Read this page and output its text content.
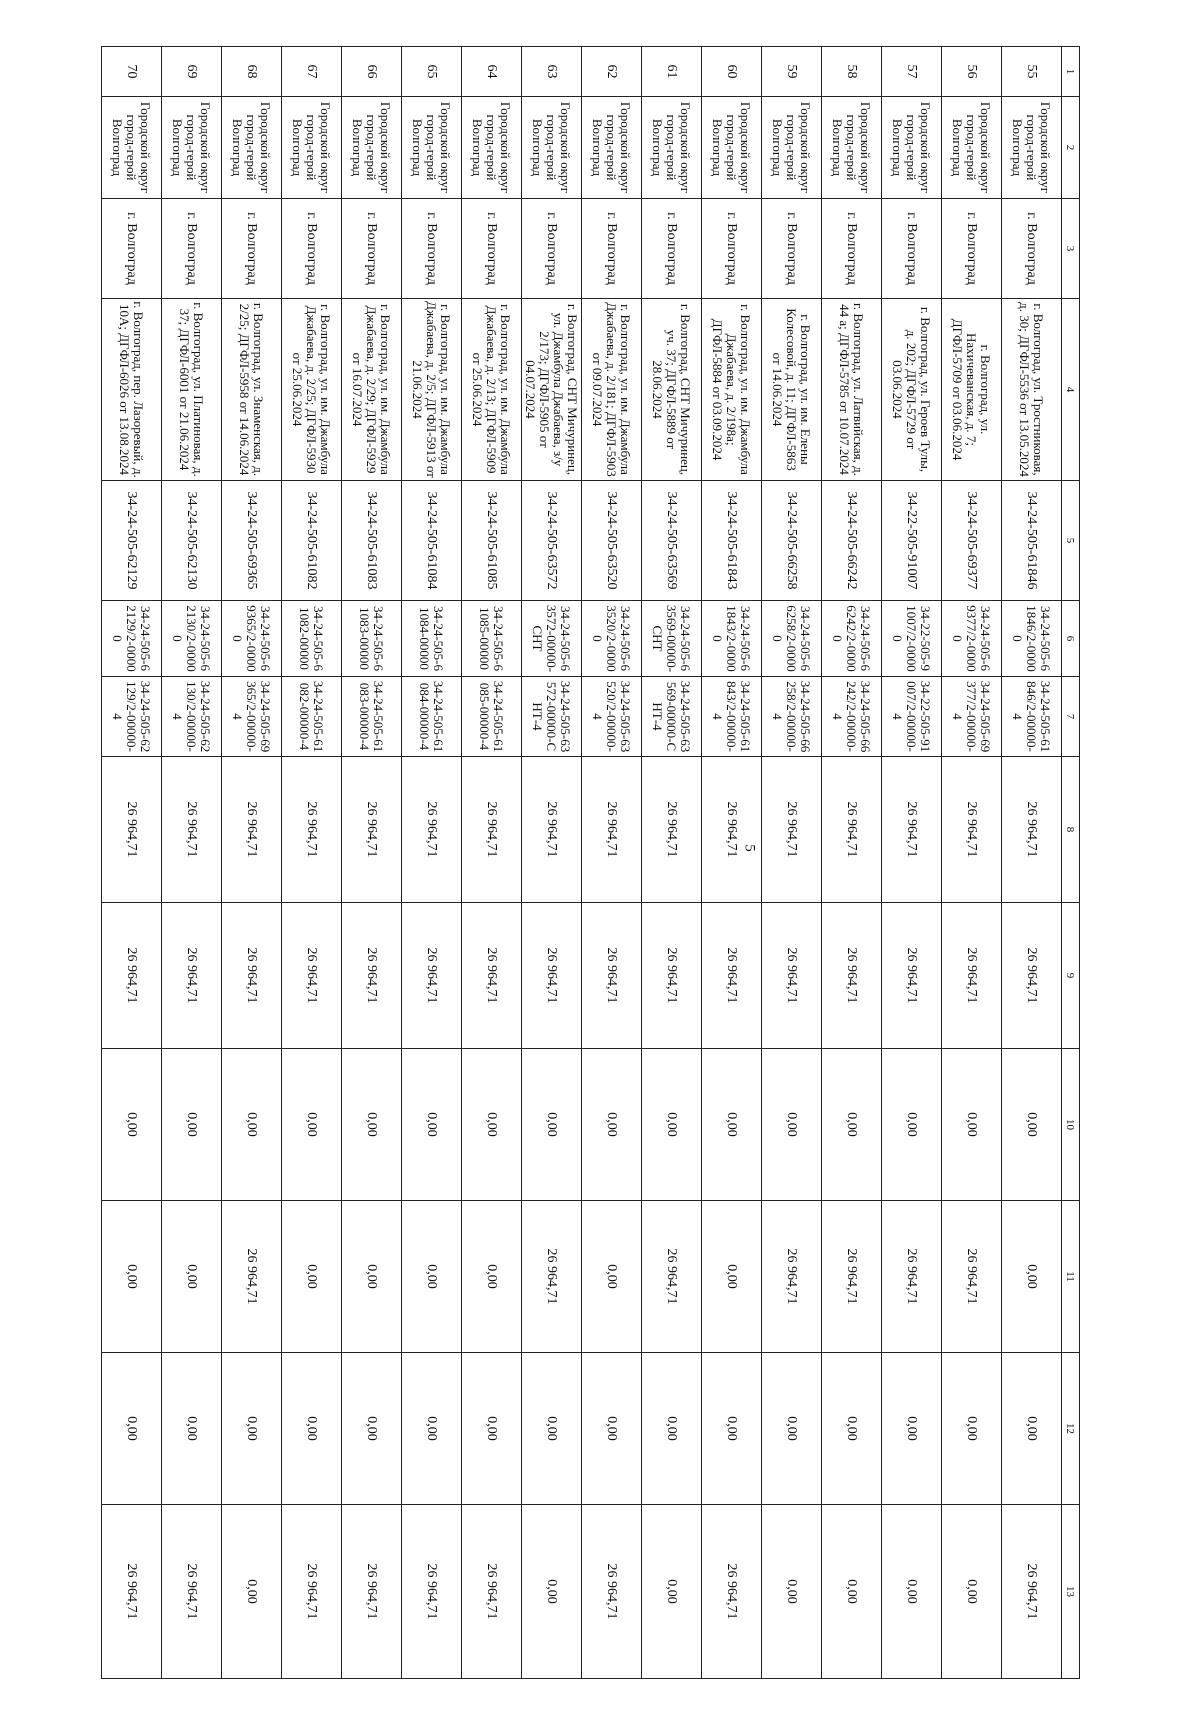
5
1	2	3	4	5	6	7	8	9	10	11	12	13
55	Городской округ город-герой Волгоград	г. Волгоград	г. Волгоград, ул. Тростниковая, д. 30; ДГФЛ-5536 от 13.05.2024	34-24-505-61846	34-24-505-61846/2-00000	34-24-505-61846/2-00000-4	26 964,71	26 964,71	0,00	0,00	0,00	26 964,71
56	Городской округ город-герой Волгоград	г. Волгоград	г. Волгоград, ул. Нахичеванская, д. 7; ДГФЛ-5709 от 03.06.2024	34-24-505-69377	34-24-505-69377/2-00000	34-24-505-69377/2-00000-4	26 964,71	26 964,71	0,00	26 964,71	0,00	0,00
57	Городской округ город-герой Волгоград	г. Волгоград	г. Волгоград, ул. Героев Тулы, д. 202; ДГФЛ-5729 от 03.06.2024	34-22-505-91007	34-22-505-91007/2-00000	34-22-505-91007/2-00000-4	26 964,71	26 964,71	0,00	26 964,71	0,00	0,00
58	Городской округ город-герой Волгоград	г. Волгоград	г. Волгоград, ул. Латвийская, д. 44 а; ДГФЛ-5785 от 10.07.2024	34-24-505-66242	34-24-505-66242/2-00000	34-24-505-66242/2-00000-4	26 964,71	26 964,71	0,00	26 964,71	0,00	0,00
59	Городской округ город-герой Волгоград	г. Волгоград	г. Волгоград, ул. им. Елены Колесовой, д. 11; ДГФЛ-5863 от 14.06.2024	34-24-505-66258	34-24-505-66258/2-00000	34-24-505-66258/2-00000-4	26 964,71	26 964,71	0,00	26 964,71	0,00	0,00
60	Городской округ город-герой Волгоград	г. Волгоград	г. Волгоград, ул. им. Джамбула Джабаева, д. 2/198а; ДГФЛ-5884 от 03.09.2024	34-24-505-61843	34-24-505-61843/2-00000	34-24-505-61843/2-00000-4	26 964,71	26 964,71	0,00	0,00	0,00	26 964,71
61	Городской округ город-герой Волгоград	г. Волгоград	г. Волгоград, СНТ Мичуринец, уч. 37; ДГФЛ-5889 от 28.06.2024	34-24-505-63569	34-24-505-63569-00000-СНТ	34-24-505-63569-00000-СНТ-4	26 964,71	26 964,71	0,00	26 964,71	0,00	0,00
62	Городской округ город-герой Волгоград	г. Волгоград	г. Волгоград, ул. им. Джамбула Джабаева, д. 2/181; ДГФЛ-5903 от 09.07.2024	34-24-505-63520	34-24-505-63520/2-00000	34-24-505-63520/2-00000-4	26 964,71	26 964,71	0,00	0,00	0,00	26 964,71
63	Городской округ город-герой Волгоград	г. Волгоград	г. Волгоград, СНТ Мичуринец, ул. Джамбула Джабаева, з/у 2/173; ДГФЛ-5905 от 04.07.2024	34-24-505-63572	34-24-505-63572-00000-СНТ	34-24-505-63572-00000-СНТ-4	26 964,71	26 964,71	0,00	26 964,71	0,00	0,00
64	Городской округ город-герой Волгоград	г. Волгоград	г. Волгоград, ул. им. Джамбула Джабаева, д. 2/13; ДГФЛ-5909 от 25.06.2024	34-24-505-61085	34-24-505-61085-00000	34-24-505-61085-00000-4	26 964,71	26 964,71	0,00	0,00	0,00	26 964,71
65	Городской округ город-герой Волгоград	г. Волгоград	г. Волгоград, ул. им. Джамбула Джабаева, д. 2/5; ДГФЛ-5913 от 21.06.2024	34-24-505-61084	34-24-505-61084-00000	34-24-505-61084-00000-4	26 964,71	26 964,71	0,00	0,00	0,00	26 964,71
66	Городской округ город-герой Волгоград	г. Волгоград	г. Волгоград, ул. им. Джамбула Джабаева, д. 2/29; ДГФЛ-5929 от 16.07.2024	34-24-505-61083	34-24-505-61083-00000	34-24-505-61083-00000-4	26 964,71	26 964,71	0,00	0,00	0,00	26 964,71
67	Городской округ город-герой Волгоград	г. Волгоград	г. Волгоград, ул. им. Джамбула Джабаева, д. 2/25; ДГФЛ-5930 от 25.06.2024	34-24-505-61082	34-24-505-61082-00000	34-24-505-61082-00000-4	26 964,71	26 964,71	0,00	0,00	0,00	26 964,71
68	Городской округ город-герой Волгоград	г. Волгоград	г. Волгоград, ул. Знаменская, д. 2/25; ДГФЛ-5958 от 14.06.2024	34-24-505-69365	34-24-505-69365/2-00000	34-24-505-69365/2-00000-4	26 964,71	26 964,71	0,00	26 964,71	0,00	0,00
69	Городской округ город-герой Волгоград	г. Волгоград	г. Волгоград, ул. Платиновая, д. 37; ДГФЛ-6001 от 21.06.2024	34-24-505-62130	34-24-505-62130/2-00000	34-24-505-62130/2-00000-4	26 964,71	26 964,71	0,00	0,00	0,00	26 964,71
70	Городской округ город-герой Волгоград	г. Волгоград	г. Волгоград, пер. Лазоревый, д. 10А; ДГФЛ-6026 от 13.08.2024	34-24-505-62129	34-24-505-62129/2-00000	34-24-505-62129/2-00000-4	26 964,71	26 964,71	0,00	0,00	0,00	26 964,71
